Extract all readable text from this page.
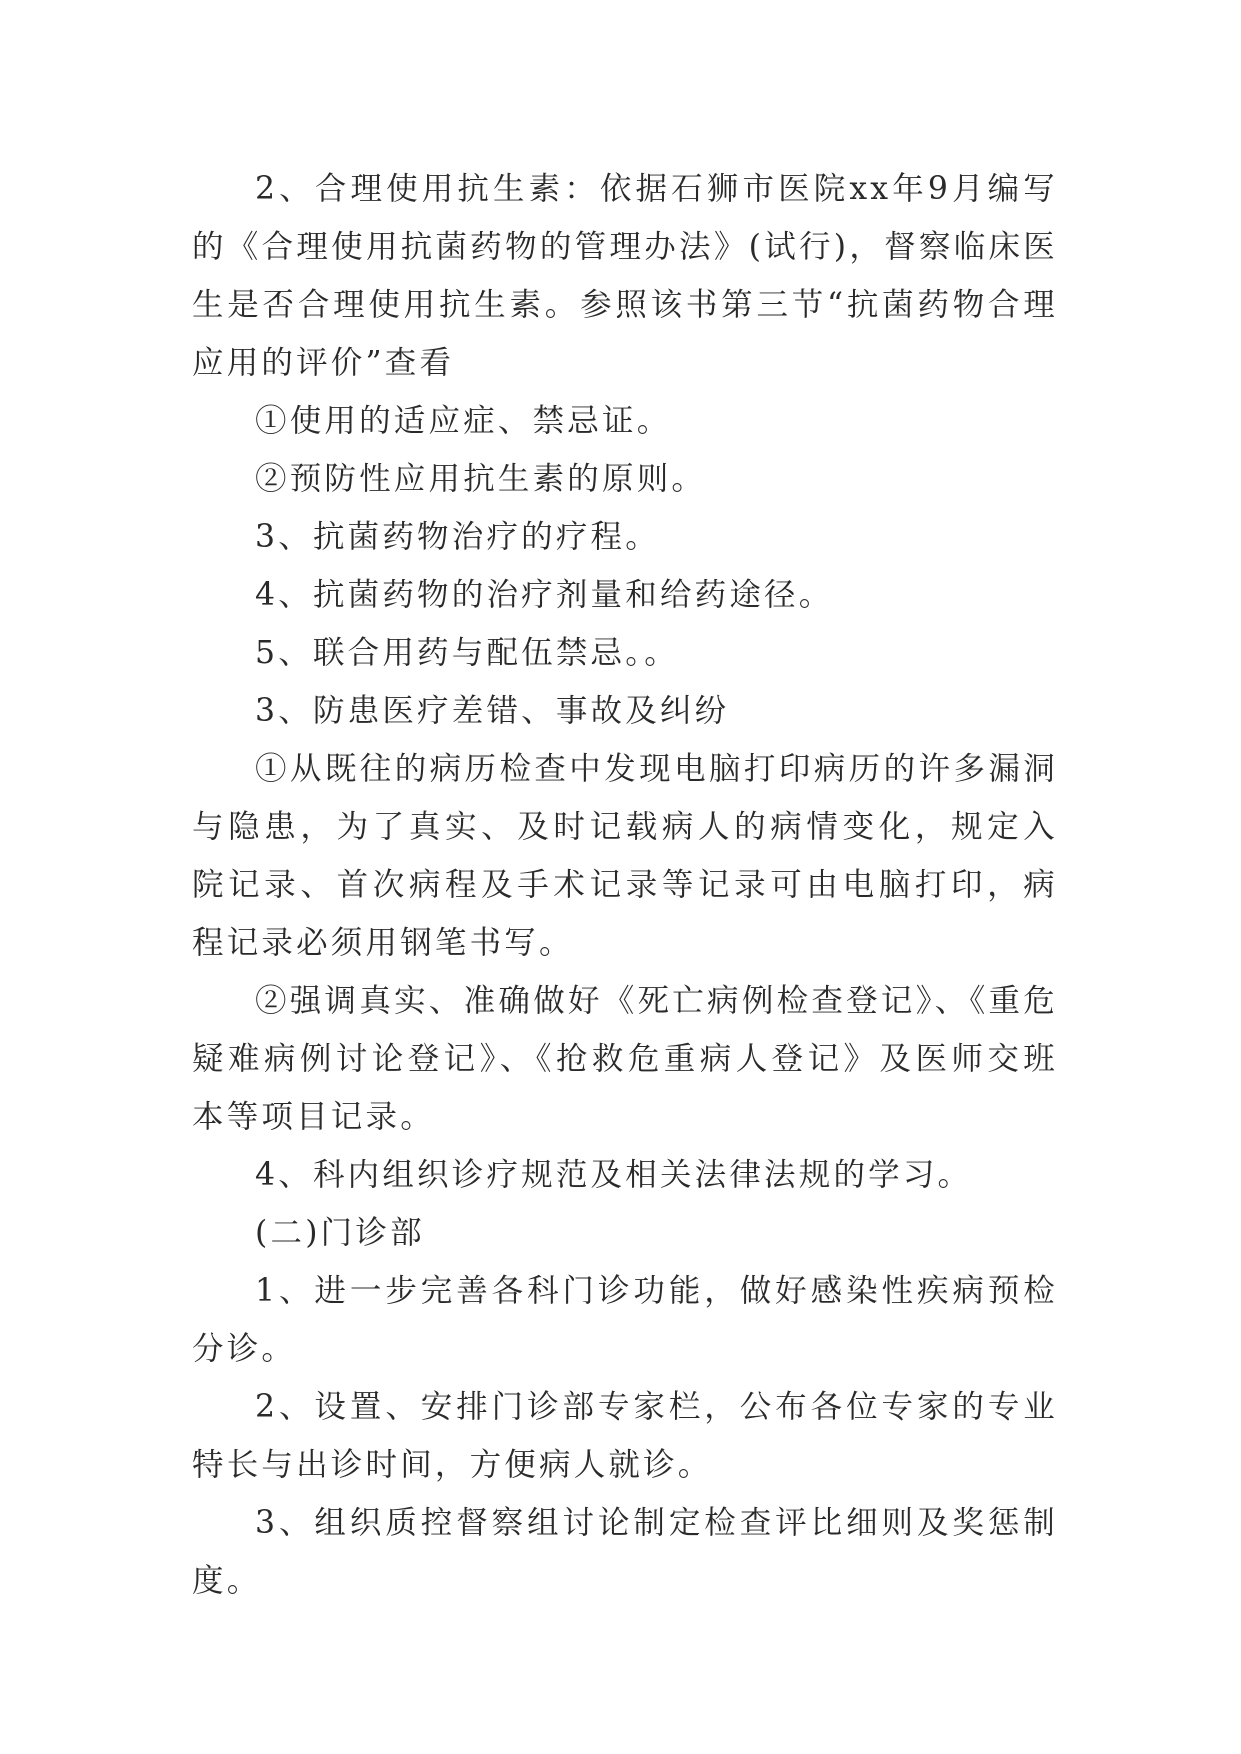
2、合理使用抗生素：依据石狮市医院xx年9月编写的《合理使用抗菌药物的管理办法》(试行)，督察临床医生是否合理使用抗生素。参照该书第三节“抗菌药物合理应用的评价”查看

①使用的适应症、禁忌证。

②预防性应用抗生素的原则。

3、抗菌药物治疗的疗程。

4、抗菌药物的治疗剂量和给药途径。

5、联合用药与配伍禁忌。。

3、防患医疗差错、事故及纠纷

①从既往的病历检查中发现电脑打印病历的许多漏洞与隐患，为了真实、及时记载病人的病情变化，规定入院记录、首次病程及手术记录等记录可由电脑打印，病程记录必须用钢笔书写。

②强调真实、准确做好《死亡病例检查登记》、《重危疑难病例讨论登记》、《抢救危重病人登记》及医师交班本等项目记录。

4、科内组织诊疗规范及相关法律法规的学习。

(二)门诊部

1、进一步完善各科门诊功能，做好感染性疾病预检分诊。

2、设置、安排门诊部专家栏，公布各位专家的专业特长与出诊时间，方便病人就诊。

3、组织质控督察组讨论制定检查评比细则及奖惩制度。
